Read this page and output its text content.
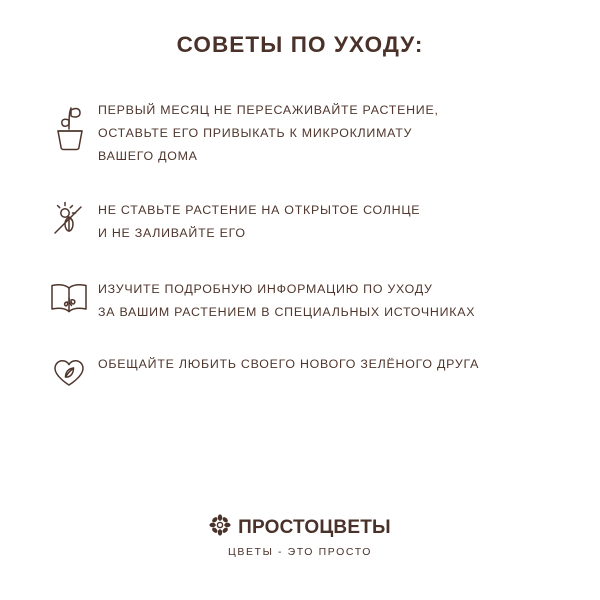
СОВЕТЫ ПО УХОДУ:
ПЕРВЫЙ МЕСЯЦ НЕ ПЕРЕСАЖИВАЙТЕ РАСТЕНИЕ,
ОСТАВЬТЕ ЕГО ПРИВЫКАТЬ К МИКРОКЛИМАТУ
ВАШЕГО ДОМА
НЕ СТАВЬТЕ РАСТЕНИЕ НА ОТКРЫТОЕ СОЛНЦЕ
И НЕ ЗАЛИВАЙТЕ ЕГО
ИЗУЧИТЕ ПОДРОБНУЮ ИНФОРМАЦИЮ ПО УХОДУ
ЗА ВАШИМ РАСТЕНИЕМ В СПЕЦИАЛЬНЫХ ИСТОЧНИКАХ
ОБЕЩАЙТЕ ЛЮБИТЬ СВОЕГО НОВОГО ЗЕЛЁНОГО ДРУГА
ПРОСТОЦВЕТЫ
ЦВЕТЫ - ЭТО ПРОСТО
